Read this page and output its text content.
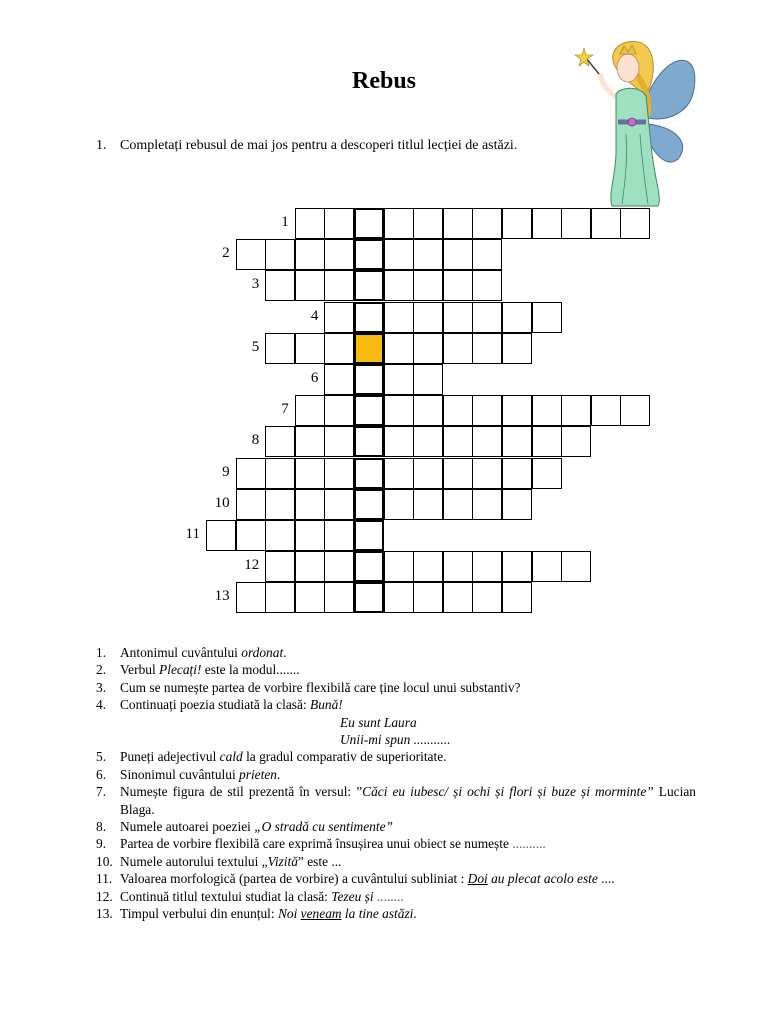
Rebus
1. Completați rebusul de mai jos pentru a descoperi titlul lecției de astăzi.
1
2
3
4
5
6
7
8
9
10
11
12
13
1.	Antonimul cuvântului ordonat.
2.	Verbul Plecați! este la modul.......
3.	Cum se numește partea de vorbire flexibilă care ține locul unui substantiv?
4.	Continuați poezia studiată la clasă: Bună!
Eu sunt Laura
Unii-mi spun ...........
5.	Puneți adejectivul cald la gradul comparativ de superioritate.
6.	Sinonimul cuvântului prieten.
7.	Numește figura de stil prezentă în versul: ”Căci eu iubesc/ și ochi și flori și buze și morminte” Lucian Blaga.
8.	Numele autoarei poeziei „O stradă cu sentimente”
9.	Partea de vorbire flexibilă care exprimă însușirea unui obiect se numește ..........
10. Numele autorului textului „Vizită” este ...
11. Valoarea morfologică (partea de vorbire) a cuvântului subliniat : Doi au plecat acolo este ....
12. Continuă titlul textului studiat la clasă: Tezeu și ........
13. Timpul verbului din enunțul: Noi veneam la tine astăzi.
